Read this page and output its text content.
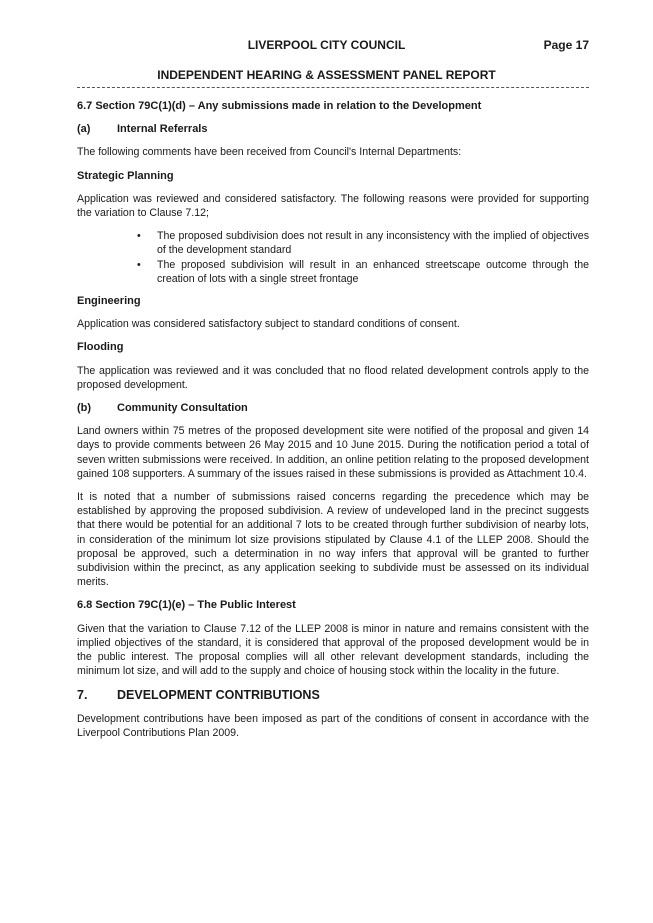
LIVERPOOL CITY COUNCIL	Page 17
INDEPENDENT HEARING & ASSESSMENT PANEL REPORT
6.7 Section 79C(1)(d) – Any submissions made in relation to the Development
(a) Internal Referrals

The following comments have been received from Council's Internal Departments:

Strategic Planning

Application was reviewed and considered satisfactory. The following reasons were provided for supporting the variation to Clause 7.12;

• The proposed subdivision does not result in any inconsistency with the implied of objectives of the development standard
• The proposed subdivision will result in an enhanced streetscape outcome through the creation of lots with a single street frontage
Engineering

Application was considered satisfactory subject to standard conditions of consent.

Flooding

The application was reviewed and it was concluded that no flood related development controls apply to the proposed development.

(b) Community Consultation

Land owners within 75 metres of the proposed development site were notified of the proposal and given 14 days to provide comments between 26 May 2015 and 10 June 2015. During the notification period a total of seven written submissions were received. In addition, an online petition relating to the proposed development gained 108 supporters. A summary of the issues raised in these submissions is provided as Attachment 10.4.

It is noted that a number of submissions raised concerns regarding the precedence which may be established by approving the proposed subdivision. A review of undeveloped land in the precinct suggests that there would be potential for an additional 7 lots to be created through further subdivision of nearby lots, in consideration of the minimum lot size provisions stipulated by Clause 4.1 of the LLEP 2008. Should the proposal be approved, such a determination in no way infers that approval will be granted to further subdivision within the precinct, as any application seeking to subdivide must be assessed on its individual merits.

6.8 Section 79C(1)(e) – The Public Interest

Given that the variation to Clause 7.12 of the LLEP 2008 is minor in nature and remains consistent with the implied objectives of the standard, it is considered that approval of the proposed development would be in the public interest. The proposal complies will all other relevant development standards, including the minimum lot size, and will add to the supply and choice of housing stock within the locality in the future.

7. DEVELOPMENT CONTRIBUTIONS

Development contributions have been imposed as part of the conditions of consent in accordance with the Liverpool Contributions Plan 2009.
